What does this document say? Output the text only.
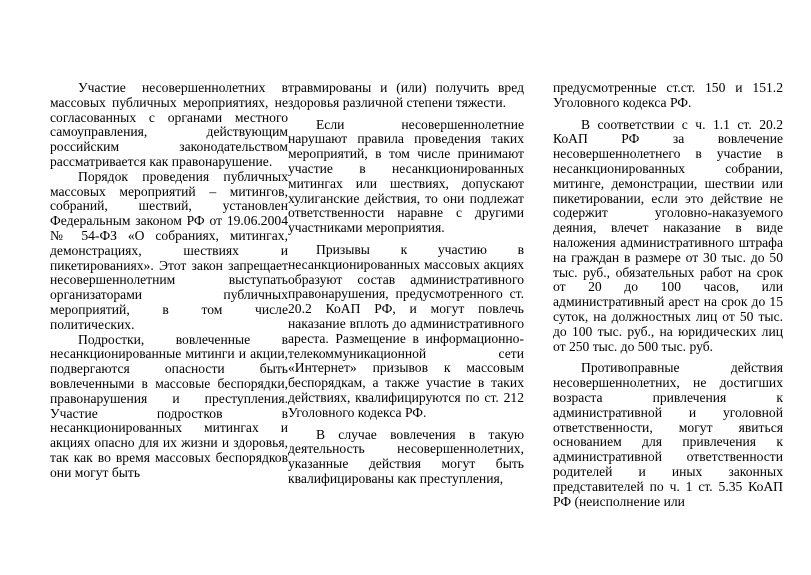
Участие несовершеннолетних в массовых публичных мероприятиях, не согласованных с органами местного самоуправления, действующим российским законодательством рассматривается как правонарушение.

Порядок проведения публичных массовых мероприятий – митингов, собраний, шествий, установлен Федеральным законом РФ от 19.06.2004 № 54-ФЗ «О собраниях, митингах, демонстрациях, шествиях и пикетированиях». Этот закон запрещает несовершеннолетним выступать организаторами публичных мероприятий, в том числе политических.

Подростки, вовлеченные в несанкционированные митинги и акции, подвергаются опасности быть вовлеченными в массовые беспорядки, правонарушения и преступления. Участие подростков в несанкционированных митингах и акциях опасно для их жизни и здоровья, так как во время массовых беспорядков они могут быть

травмированы и (или) получить вред здоровья различной степени тяжести.

Если несовершеннолетние нарушают правила проведения таких мероприятий, в том числе принимают участие в несанкционированных митингах или шествиях, допускают хулиганские действия, то они подлежат ответственности наравне с другими участниками мероприятия.

Призывы к участию в несанкционированных массовых акциях образуют состав административного правонарушения, предусмотренного ст. 20.2 КоАП РФ, и могут повлечь наказание вплоть до административного ареста. Размещение в информационно-телекоммуникационной сети «Интернет» призывов к массовым беспорядкам, а также участие в таких действиях, квалифицируются по ст. 212 Уголовного кодекса РФ.

В случае вовлечения в такую деятельность несовершеннолетних, указанные действия могут быть квалифицированы как преступления,

предусмотренные ст.ст. 150 и 151.2 Уголовного кодекса РФ.

В соответствии с ч. 1.1 ст. 20.2 КоАП РФ за вовлечение несовершеннолетнего в участие в несанкционированных собрании, митинге, демонстрации, шествии или пикетировании, если это действие не содержит уголовно-наказуемого деяния, влечет наказание в виде наложения административного штрафа на граждан в размере от 30 тыс. до 50 тыс. руб., обязательных работ на срок от 20 до 100 часов, или административный арест на срок до 15 суток, на должностных лиц от 50 тыс. до 100 тыс. руб., на юридических лиц от 250 тыс. до 500 тыс. руб.

Противоправные действия несовершеннолетних, не достигших возраста привлечения к административной и уголовной ответственности, могут явиться основанием для привлечения к административной ответственности родителей и иных законных представителей по ч. 1 ст. 5.35 КоАП РФ (неисполнение или
